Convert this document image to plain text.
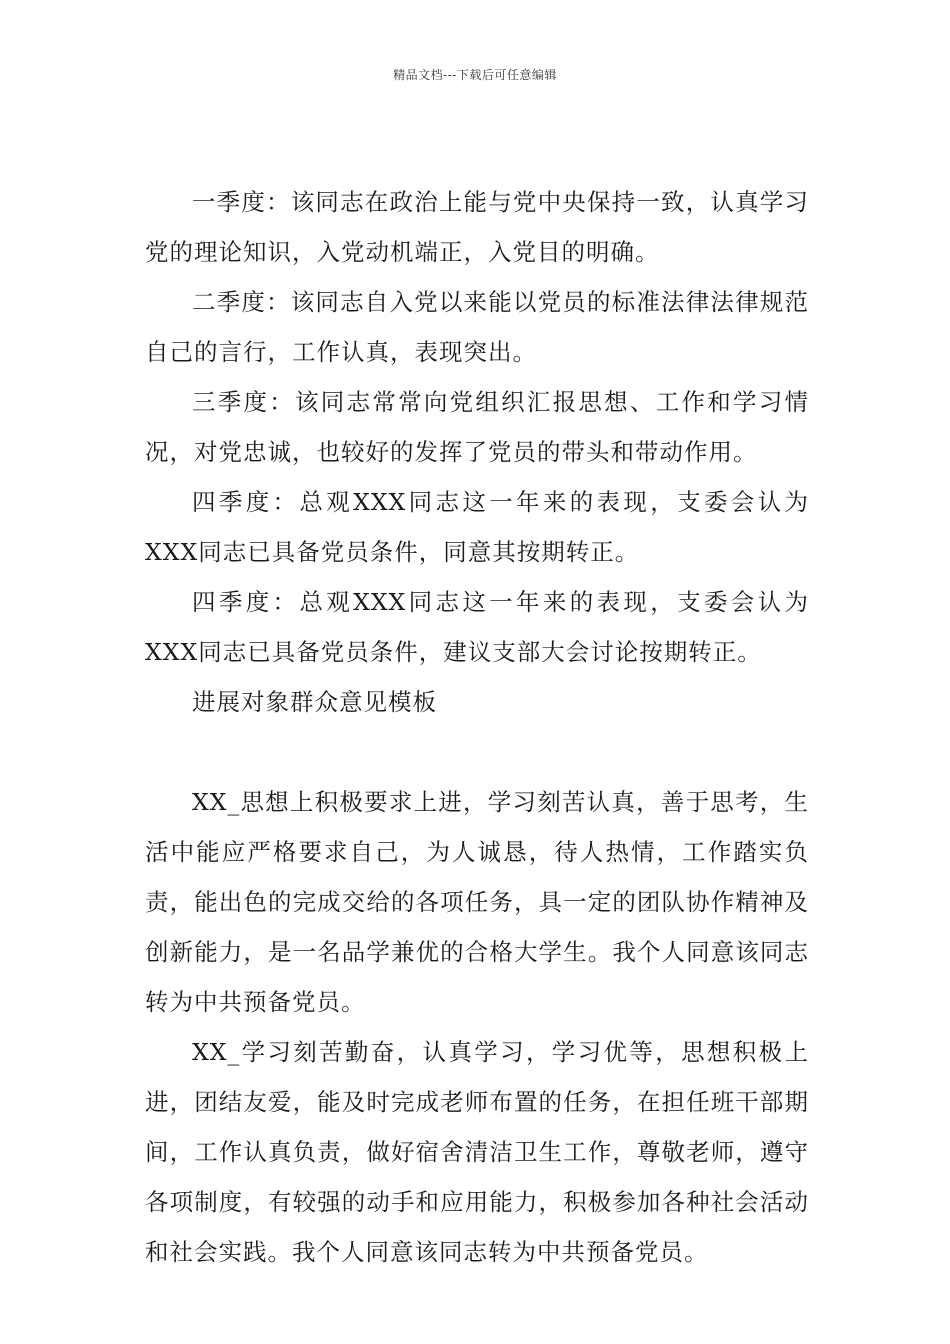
精品文档---下载后可任意编辑

一季度：该同志在政治上能与党中央保持一致，认真学习党的理论知识，入党动机端正，入党目的明确。

二季度：该同志自入党以来能以党员的标准法律法律规范自己的言行，工作认真，表现突出。

三季度：该同志常常向党组织汇报思想、工作和学习情况，对党忠诚，也较好的发挥了党员的带头和带动作用。

四季度：总观XXX同志这一年来的表现，支委会认为XXX同志已具备党员条件，同意其按期转正。

四季度：总观XXX同志这一年来的表现，支委会认为XXX同志已具备党员条件，建议支部大会讨论按期转正。

进展对象群众意见模板

XX_思想上积极要求上进，学习刻苦认真，善于思考，生活中能应严格要求自己，为人诚恳，待人热情，工作踏实负责，能出色的完成交给的各项任务，具一定的团队协作精神及创新能力，是一名品学兼优的合格大学生。我个人同意该同志转为中共预备党员。

XX_学习刻苦勤奋，认真学习，学习优等，思想积极上进，团结友爱，能及时完成老师布置的任务，在担任班干部期间，工作认真负责，做好宿舍清洁卫生工作，尊敬老师，遵守各项制度，有较强的动手和应用能力，积极参加各种社会活动和社会实践。我个人同意该同志转为中共预备党员。
